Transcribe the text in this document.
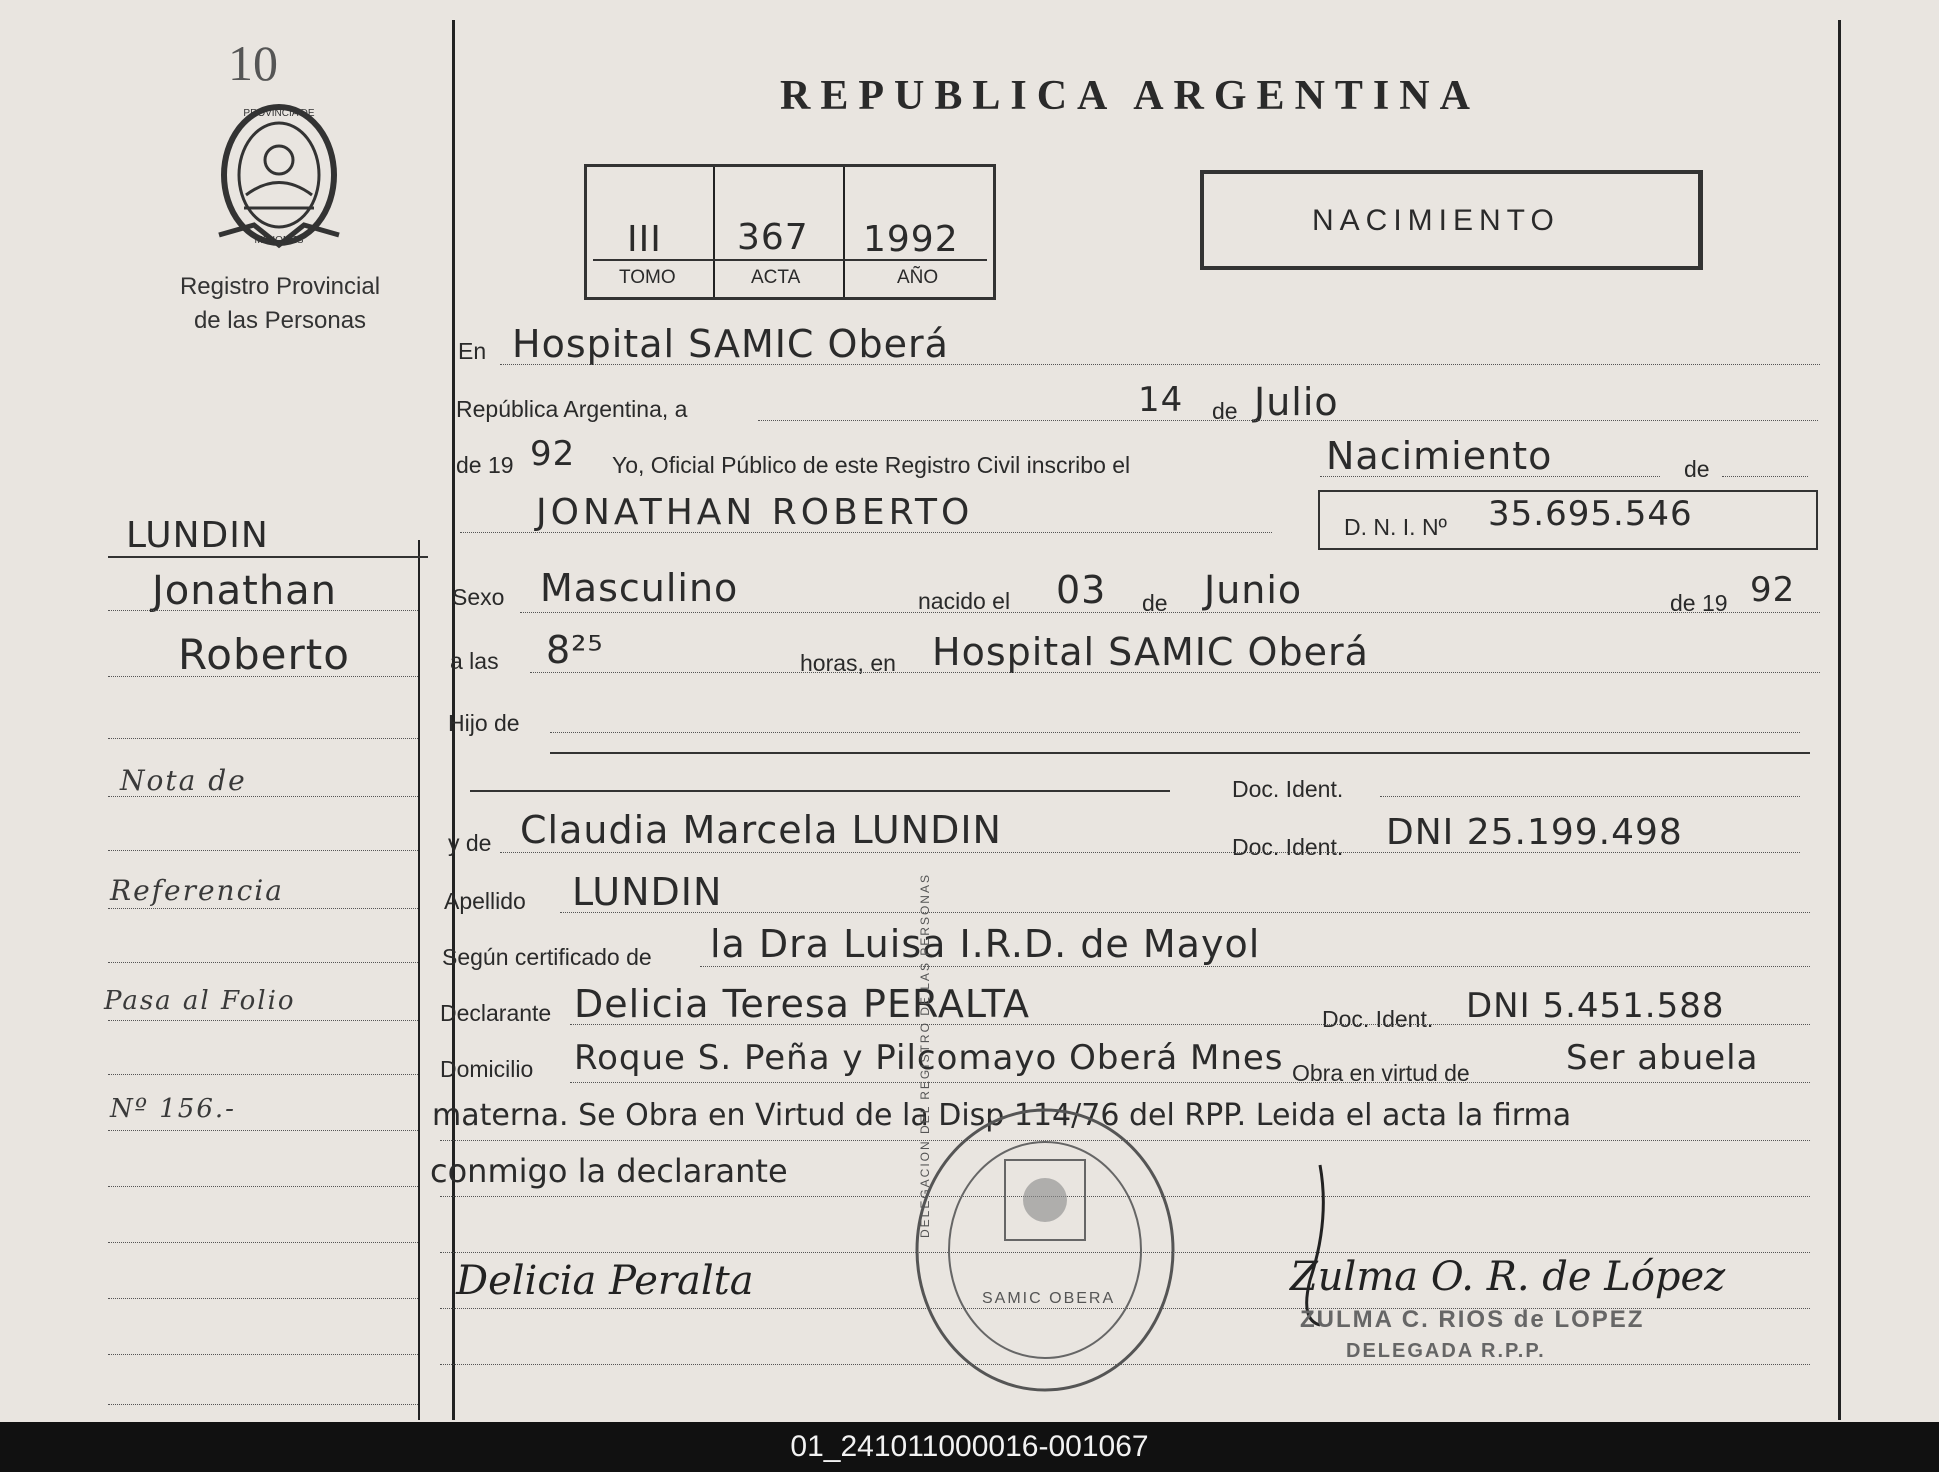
10
PROVINCIA DE
MISIONES
Registro Provincial
de las Personas
LUNDIN
Jonathan
Roberto
Nota de
Referencia
Pasa al Folio
Nº 156.-
REPUBLICA ARGENTINA
III 367 1992
TOMO	ACTA	AÑO
NACIMIENTO
En Hospital SAMIC Oberá
República Argentina, a	14 de Julio
de 19 92 Yo, Oficial Público de este Registro Civil inscribo el	Nacimiento	de
JONATHAN ROBERTO	D. N. I. Nº 35.695.546
Sexo Masculino	nacido el 03 de Junio	de 19 92
a las 8²⁵	horas, en Hospital SAMIC Oberá
Hijo de
Doc. Ident.
y de Claudia Marcela LUNDIN	Doc. Ident. DNI 25.199.498
Apellido LUNDIN
Según certificado de la Dra Luisa I.R.D. de Mayol
Declarante Delicia Teresa PERALTA	Doc. Ident. DNI 5.451.588
Domicilio Roque S. Peña y Pilcomayo Oberá Mnes Obra en virtud de	Ser abuela
materna. Se Obra en Virtud de la Disp 114/76 del RPP. Leida el acta la firma
conmigo la declarante	DELEGACION DEL REGISTRO DE LAS PERSONAS
SAMIC OBERA
Delicia Peralta	Zulma O. R. de López
ZULMA C. RIOS de LOPEZ
DELEGADA R.P.P.
01_241011000016-001067
